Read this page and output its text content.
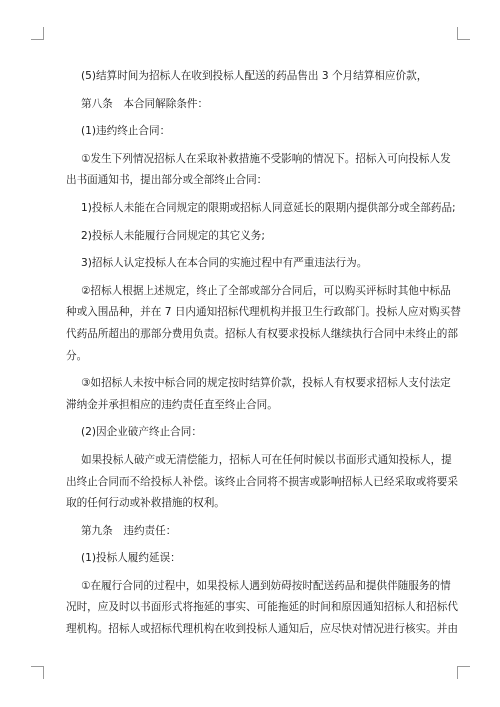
(5)结算时间为招标人在收到投标人配送的药品售出 3 个月结算相应价款，
第八条　本合同解除条件：
(1)违约终止合同：
①发生下列情况招标人在采取补救措施不受影响的情况下。招标入可向投标人发
出书面通知书，提出部分或全部终止合同：
1)投标人未能在合同规定的限期或招标人同意延长的限期内提供部分或全部药品;
2)投标人未能履行合同规定的其它义务;
3)招标人认定投标人在本合同的实施过程中有严重违法行为。
②招标人根据上述规定，终止了全部或部分合同后，可以购买评标时其他中标品
种或入围品种，并在 7 日内通知招标代理机构并报卫生行政部门。投标人应对购买替
代药品所超出的那部分费用负责。招标人有权要求投标人继续执行合同中未终止的部
分。
③如招标人未按中标合同的规定按时结算价款，投标人有权要求招标人支付法定
滞纳金并承担相应的违约责任直至终止合同。
(2)因企业破产终止合同：
如果投标人破产或无清偿能力，招标人可在任何时候以书面形式通知投标人，提
出终止合同而不给投标人补偿。该终止合同将不损害或影响招标人已经采取或将要采
取的任何行动或补救措施的权利。
第九条　违约责任：
(1)投标人履约延误：
①在履行合同的过程中，如果投标人遇到妨碍按时配送药品和提供伴随服务的情
况时，应及时以书面形式将拖延的事实、可能拖延的时间和原因通知招标人和招标代
理机构。招标人或招标代理机构在收到投标人通知后，应尽快对情况进行核实。并由
